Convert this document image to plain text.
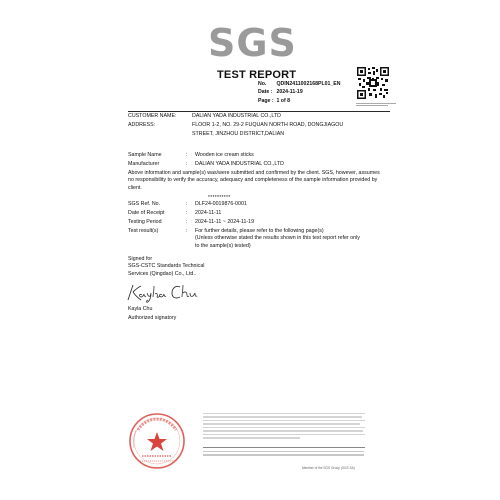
SGS
TEST REPORT
No. QDIN2411002168PL01_EN
Date : 2024-11-19
Page : 1 of 8
CUSTOMER NAME:	DALIAN YADA INDUSTRIAL CO.,LTD
ADDRESS:	FLOOR 1-2, NO. 29-2 FUQUAN NORTH ROAD, DONGJIAGOU
STREET, JINZHOU DISTRICT,DALIAN
Sample Name	: Wooden ice cream sticks
Manufacturer	: DALIAN YADA INDUSTRIAL CO.,LTD
Above information and sample(s) was/were submitted and confirmed by the client. SGS, however, assumes no responsibility to verify the accuracy, adequacy and completeness of the sample information provided by client.
**********
SGS Ref. No.	: DLF24-0019876-0001
Date of Receipt	: 2024-11-11
Testing Period	: 2024-11-11 ~ 2024-11-19
Test result(s)	: For further details, please refer to the following page(s)
(Unless otherwise stated the results shown in this test report refer only
to the sample(s) tested)
Signed for
SGS-CSTC Standards Technical
Services (Qingdao) Co., Ltd..
Kayla Chu
Authorized signatory
Member of the SGS Group (SGS SA)
